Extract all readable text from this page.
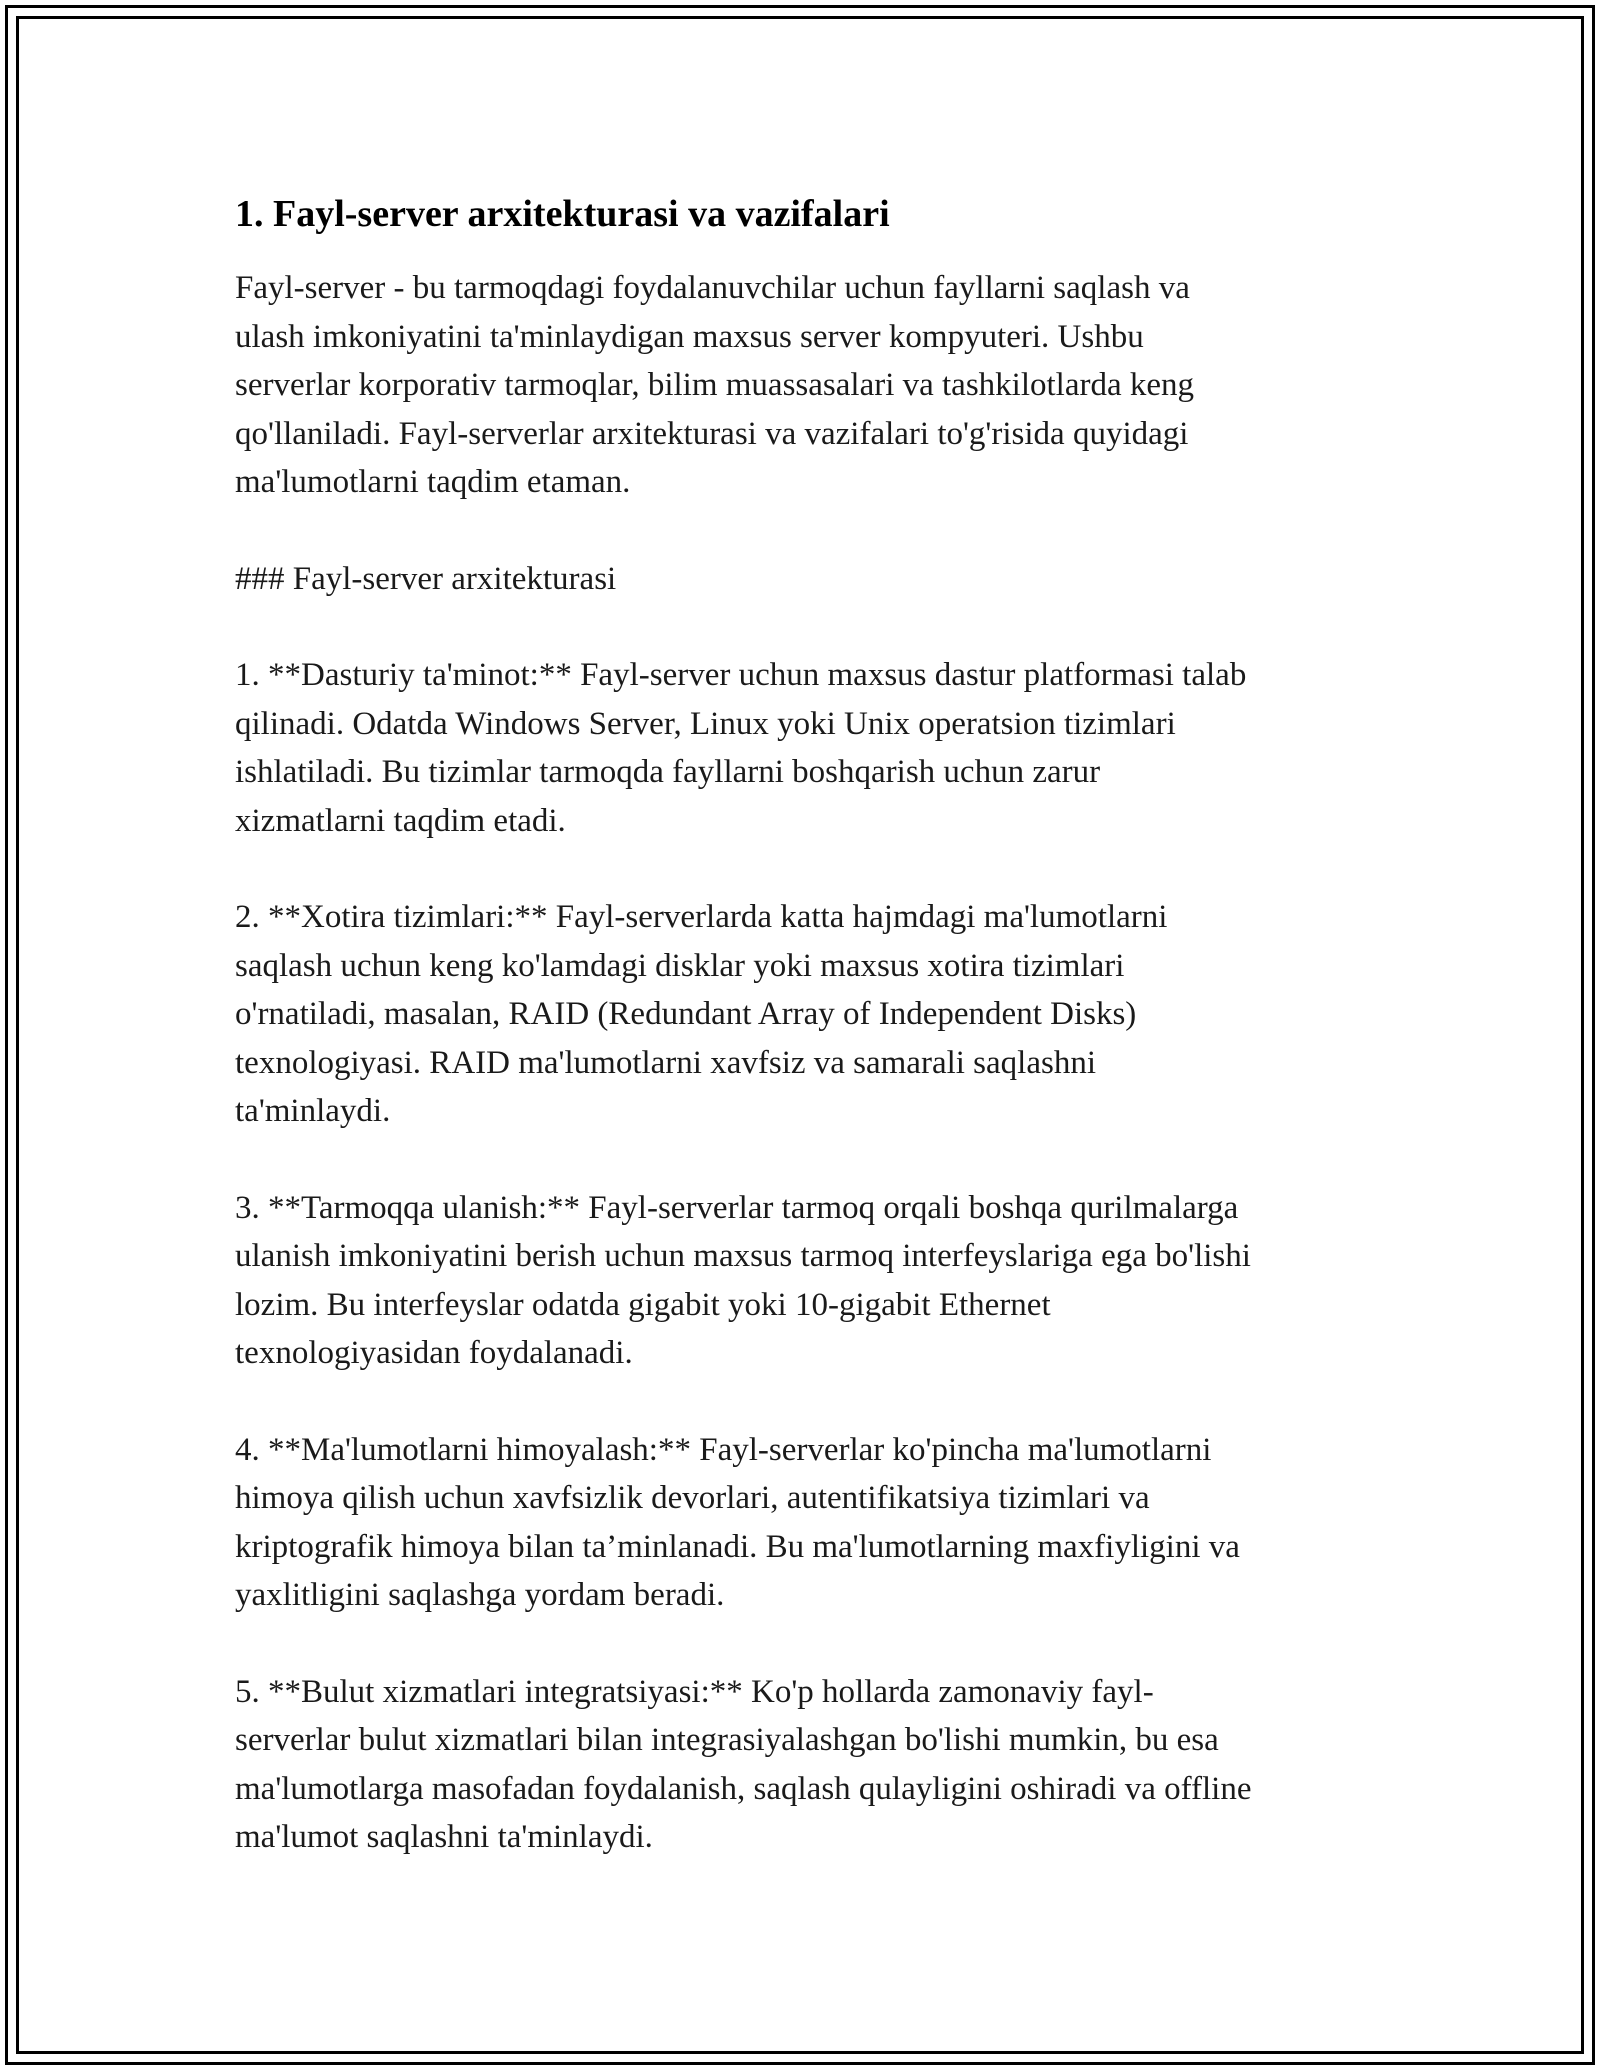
1. Fayl-server arxitekturasi va vazifalari

Fayl-server - bu tarmoqdagi foydalanuvchilar uchun fayllarni saqlash va
ulash imkoniyatini ta'minlaydigan maxsus server kompyuteri. Ushbu
serverlar korporativ tarmoqlar, bilim muassasalari va tashkilotlarda keng
qo'llaniladi. Fayl-serverlar arxitekturasi va vazifalari to'g'risida quyidagi
ma'lumotlarni taqdim etaman.

### Fayl-server arxitekturasi

1. **Dasturiy ta'minot:** Fayl-server uchun maxsus dastur platformasi talab
qilinadi. Odatda Windows Server, Linux yoki Unix operatsion tizimlari
ishlatiladi. Bu tizimlar tarmoqda fayllarni boshqarish uchun zarur
xizmatlarni taqdim etadi.

2. **Xotira tizimlari:** Fayl-serverlarda katta hajmdagi ma'lumotlarni
saqlash uchun keng ko'lamdagi disklar yoki maxsus xotira tizimlari
o'rnatiladi, masalan, RAID (Redundant Array of Independent Disks)
texnologiyasi. RAID ma'lumotlarni xavfsiz va samarali saqlashni
ta'minlaydi.

3. **Tarmoqqa ulanish:** Fayl-serverlar tarmoq orqali boshqa qurilmalarga
ulanish imkoniyatini berish uchun maxsus tarmoq interfeyslariga ega bo'lishi
lozim. Bu interfeyslar odatda gigabit yoki 10-gigabit Ethernet
texnologiyasidan foydalanadi.

4. **Ma'lumotlarni himoyalash:** Fayl-serverlar ko'pincha ma'lumotlarni
himoya qilish uchun xavfsizlik devorlari, autentifikatsiya tizimlari va
kriptografik himoya bilan ta’minlanadi. Bu ma'lumotlarning maxfiyligini va
yaxlitligini saqlashga yordam beradi.

5. **Bulut xizmatlari integratsiyasi:** Ko'p hollarda zamonaviy fayl-
serverlar bulut xizmatlari bilan integrasiyalashgan bo'lishi mumkin, bu esa
ma'lumotlarga masofadan foydalanish, saqlash qulayligini oshiradi va offline
ma'lumot saqlashni ta'minlaydi.
